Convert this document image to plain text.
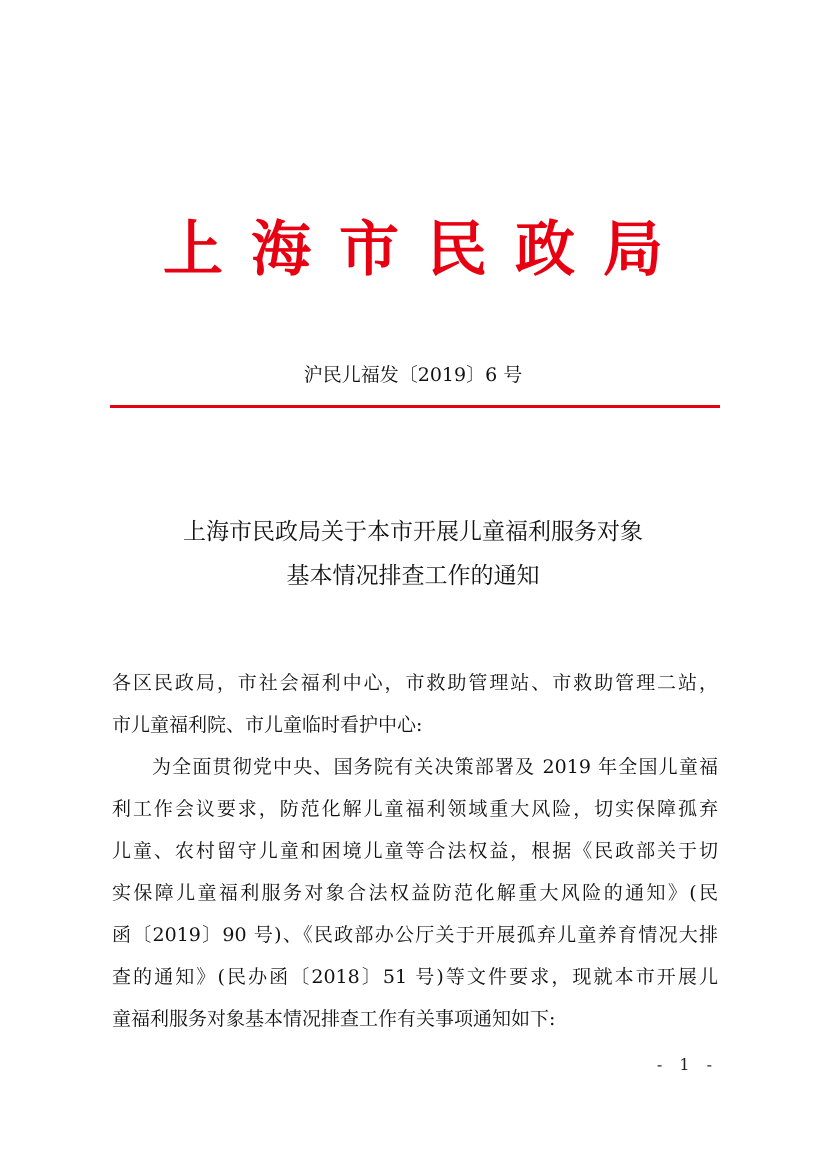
上海市民政局
沪民儿福发〔2019〕6 号
上海市民政局关于本市开展儿童福利服务对象
基本情况排查工作的通知
各区民政局，市社会福利中心，市救助管理站、市救助管理二站，
市儿童福利院、市儿童临时看护中心:
为全面贯彻党中央、国务院有关决策部署及 2019 年全国儿童福
利工作会议要求，防范化解儿童福利领域重大风险，切实保障孤弃
儿童、农村留守儿童和困境儿童等合法权益，根据《民政部关于切
实保障儿童福利服务对象合法权益防范化解重大风险的通知》(民
函〔2019〕90 号)、《民政部办公厅关于开展孤弃儿童养育情况大排
查的通知》(民办函〔2018〕51 号)等文件要求，现就本市开展儿
童福利服务对象基本情况排查工作有关事项通知如下:
- 1 -
